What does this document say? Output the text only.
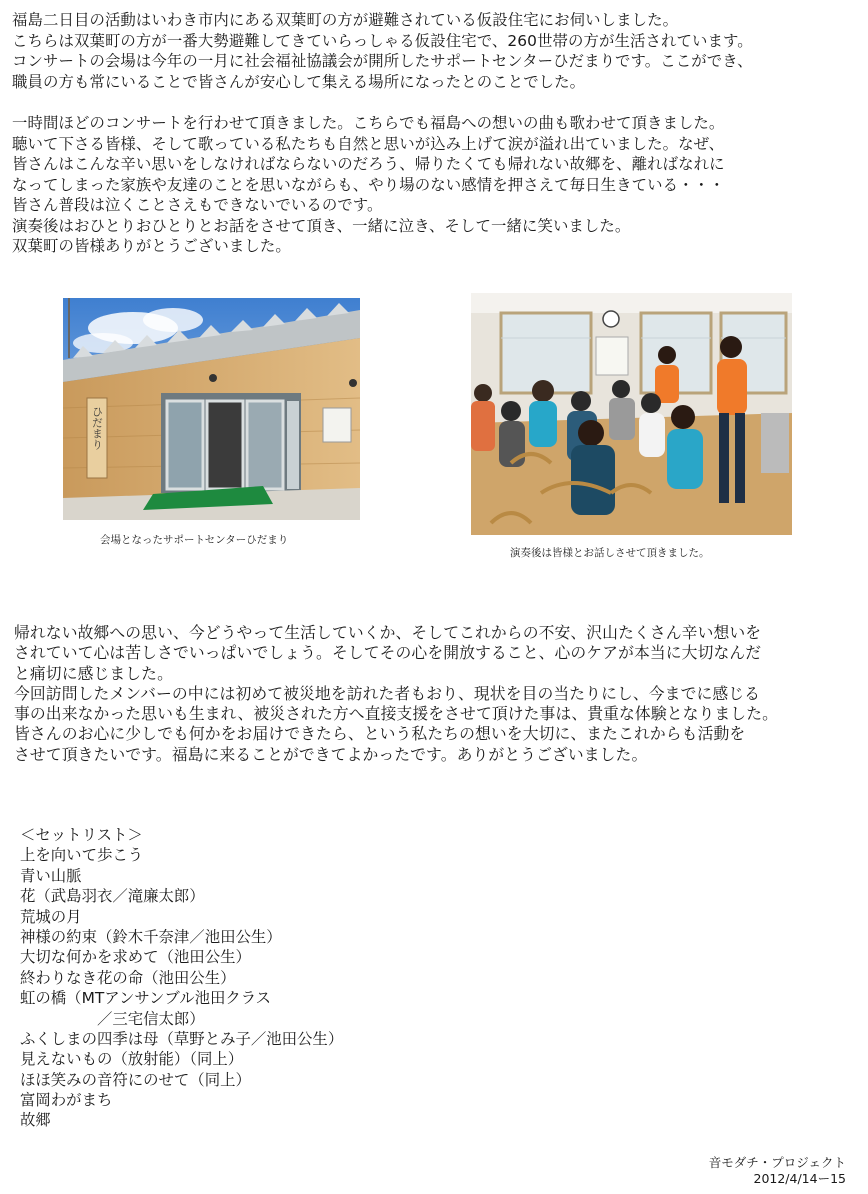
福島二日目の活動はいわき市内にある双葉町の方が避難されている仮設住宅にお伺いしました。
こちらは双葉町の方が一番大勢避難してきていらっしゃる仮設住宅で、260世帯の方が生活されています。
コンサートの会場は今年の一月に社会福祉協議会が開所したサポートセンターひだまりです。ここができ、
職員の方も常にいることで皆さんが安心して集える場所になったとのことでした。
一時間ほどのコンサートを行わせて頂きました。こちらでも福島への想いの曲も歌わせて頂きました。
聴いて下さる皆様、そして歌っている私たちも自然と思いが込み上げて涙が溢れ出ていました。なぜ、
皆さんはこんな辛い思いをしなければならないのだろう、帰りたくても帰れない故郷を、離ればなれに
なってしまった家族や友達のことを思いながらも、やり場のない感情を押さえて毎日生きている・・・
皆さん普段は泣くことさえもできないでいるのです。
演奏後はおひとりおひとりとお話をさせて頂き、一緒に泣き、そして一緒に笑いました。
双葉町の皆様ありがとうございました。
ひだまり
会場となったサポートセンターひだまり
演奏後は皆様とお話しさせて頂きました。
帰れない故郷への思い、今どうやって生活していくか、そしてこれからの不安、沢山たくさん辛い想いを
されていて心は苦しさでいっぱいでしょう。そしてその心を開放すること、心のケアが本当に大切なんだ
と痛切に感じました。
今回訪問したメンバーの中には初めて被災地を訪れた者もおり、現状を目の当たりにし、今までに感じる
事の出来なかった思いも生まれ、被災された方へ直接支援をさせて頂けた事は、貴重な体験となりました。
皆さんのお心に少しでも何かをお届けできたら、という私たちの想いを大切に、またこれからも活動を
させて頂きたいです。福島に来ることができてよかったです。ありがとうございました。
＜セットリスト＞
上を向いて歩こう
青い山脈
花（武島羽衣／滝廉太郎）
荒城の月
神様の約束（鈴木千奈津／池田公生）
大切な何かを求めて（池田公生）
終わりなき花の命（池田公生）
虹の橋（MTアンサンブル池田クラス
　　　　　／三宅信太郎）
ふくしまの四季は母（草野とみ子／池田公生）
見えないもの（放射能）（同上）
ほほ笑みの音符にのせて（同上）
富岡わがまち
故郷
音モダチ・プロジェクト
2012/4/14ー15
